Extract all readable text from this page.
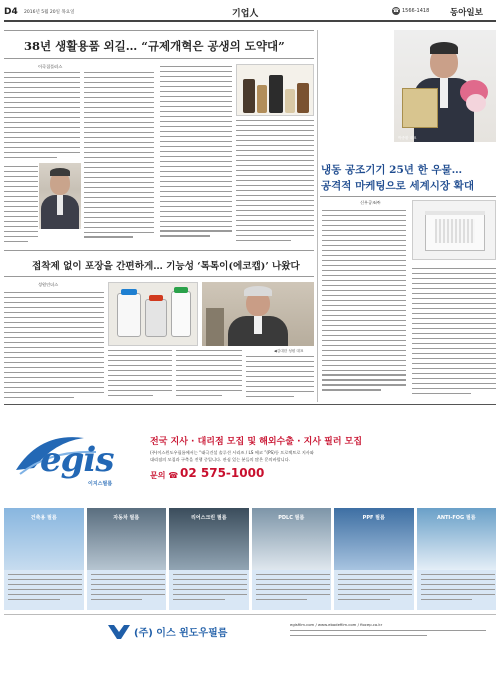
D4 2016년 5월 20일 목요일	기업人	☎ 1566-1418 동아일보
38년 생활용품 외길… “규제개혁은 공생의 도약대”
이곡집플러스
박종환 대표
냉동 공조기기 25년 한 우물…
공격적 마케팅으로 세계시장 확대
신우공조㈜
접착제 없이 포장을 간편하게… 기능성 ‘톡톡이(에코캡)’ 나왔다
성원인더스
◀김대한 성원 대표
egis
이지스필름
전국 지사 · 대리점 모집 및 해외수출 · 지사 필러 모집
(주)이스윈도우필름에서는 “태극건설 솔루션 시리즈 / LS 에코 ”(PS)등 프로젝트로 지사와
대리점의 모집과 구축을 진행 중입니다. 관심 있는 분들의 많은 문의바랍니다.
문의 ☎ 02 575-1000
건축용 필름	자동차 필름	리어스크린 필름	PDLC 필름	PPF 필름	ANTI-FOG 필름
(주) 이스 윈도우필름
egisfilm.com / www.ebodefilm.com / fiocep.co.kr
